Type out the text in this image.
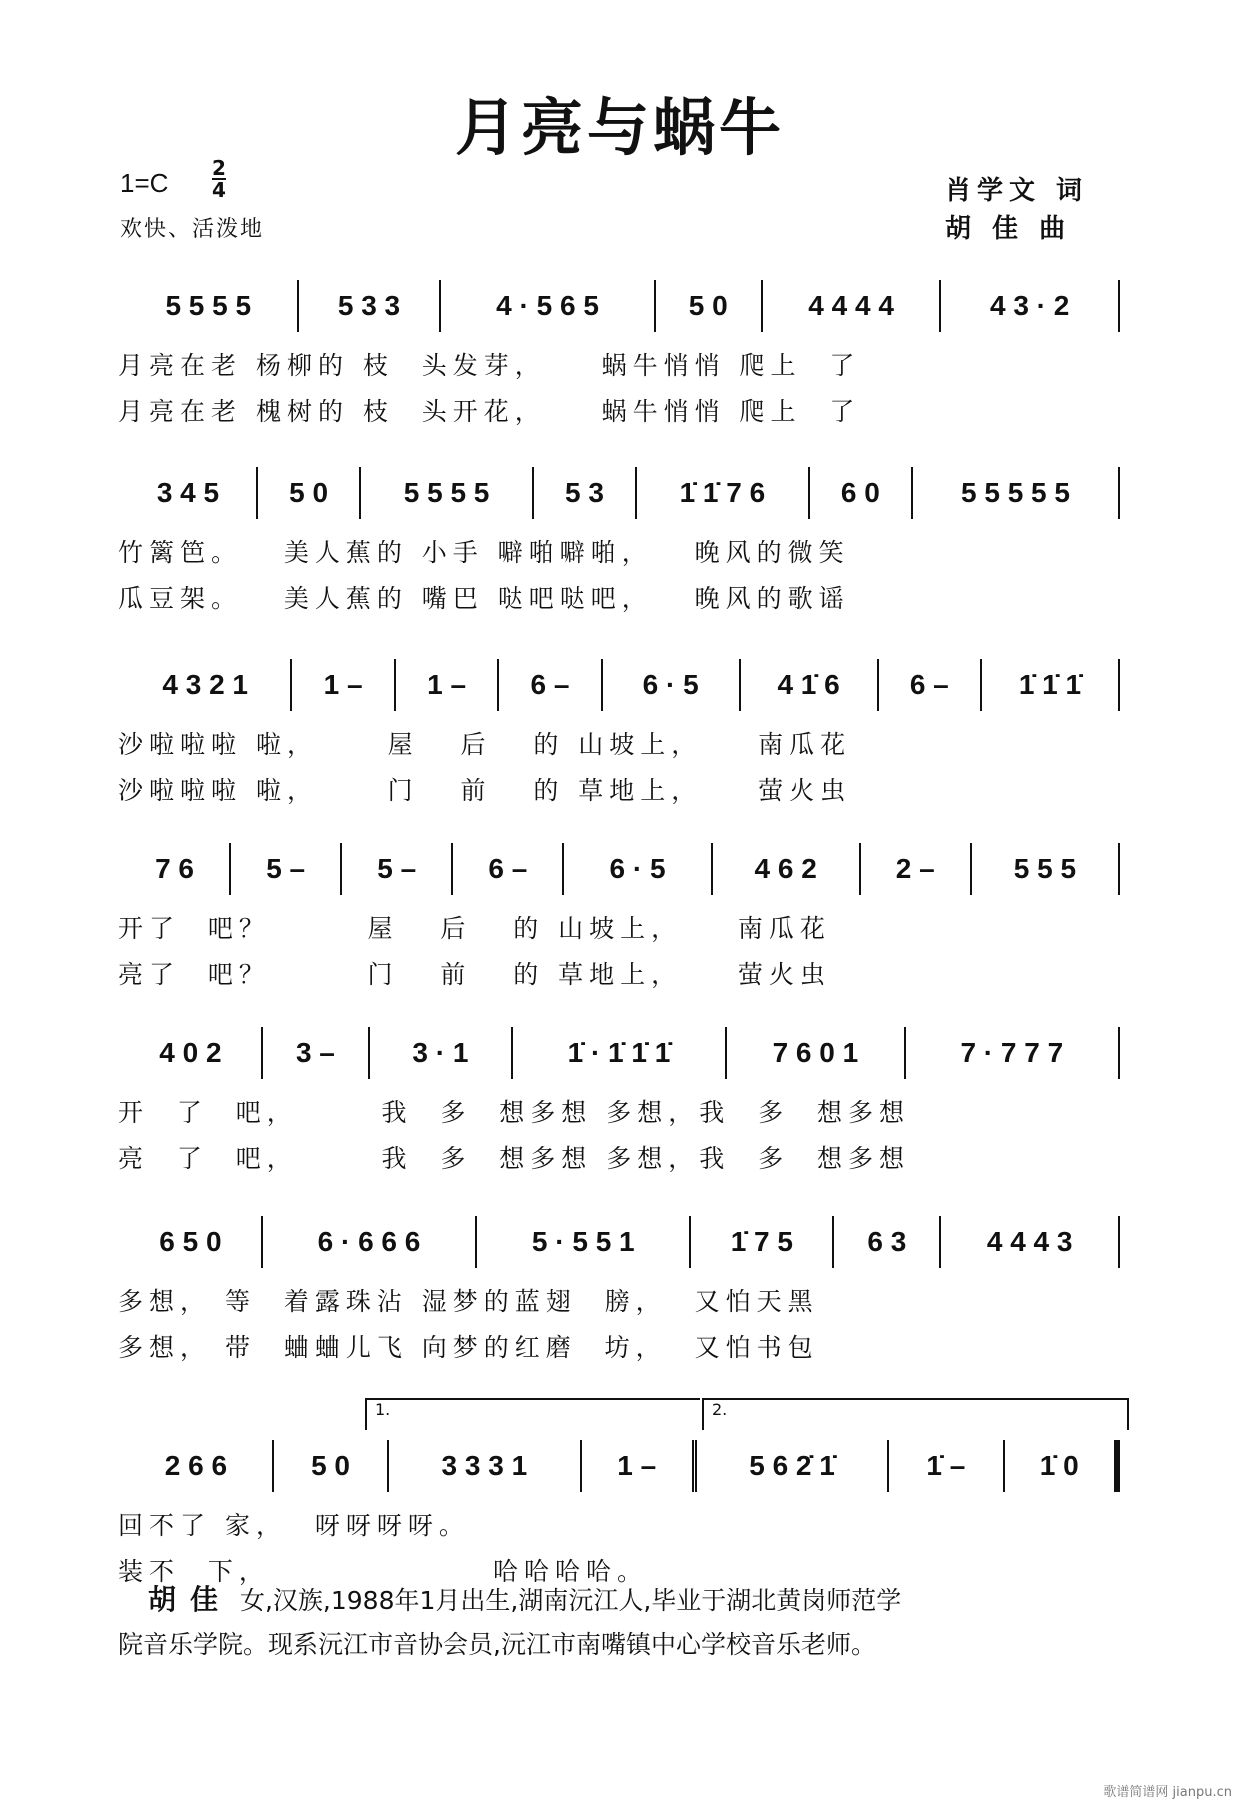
月亮与蜗牛
1=C 2
4
欢快、活泼地
肖学文 词
胡 佳 曲
5 5 5 5	5 3 3	4 · 5 6 5	5 0	4 4 4 4	4 3 · 2
月亮在老 杨柳的 枝  头发芽，    蜗牛悄悄 爬上  了
月亮在老 槐树的 枝  头开花，    蜗牛悄悄 爬上  了
3 4 5	5 0	5 5 5 5	5 3	1̇ 1̇ 7 6	6 0	5 5 5 5 5
竹篱笆。   美人蕉的 小手 噼啪噼啪，   晚风的微笑
瓜豆架。   美人蕉的 嘴巴 哒吧哒吧，   晚风的歌谣
4 3 2 1	1 –	1 –	6 –	6 · 5	4 1̇ 6	6 –	1̇ 1̇ 1̇
沙啦啦啦 啦，     屋   后   的 山坡上，    南瓜花
沙啦啦啦 啦，     门   前   的 草地上，    萤火虫
7 6	5 –	5 –	6 –	6 · 5	4 6 2	2 –	5 5 5
开了  吧？       屋   后   的 山坡上，    南瓜花
亮了  吧？       门   前   的 草地上，    萤火虫
4 0 2	3 –	3 · 1	1̇ · 1̇ 1̇ 1̇	7 6 0 1	7 · 7 7 7
开  了  吧，      我  多  想多想 多想，我  多  想多想
亮  了  吧，      我  多  想多想 多想，我  多  想多想
6 5 0	6 · 6 6 6	5 · 5 5 1	1̇ 7 5	6 3	4 4 4 3
多想， 等  着露珠沾 湿梦的蓝翅  膀，  又怕天黑
多想， 带  蛐蛐儿飞 向梦的红磨  坊，  又怕书包
2 6 6	5 0	3 3 3 1	1 –	5 6 2̇ 1̇	1̇ –	1̇ 0
回不了 家，  呀呀呀呀。
装不  下，                哈哈哈哈。
1.	2.
胡佳 女,汉族,1988年1月出生,湖南沅江人,毕业于湖北黄岗师范学
院音乐学院。现系沅江市音协会员,沅江市南嘴镇中心学校音乐老师。
歌谱简谱网 jianpu.cn
